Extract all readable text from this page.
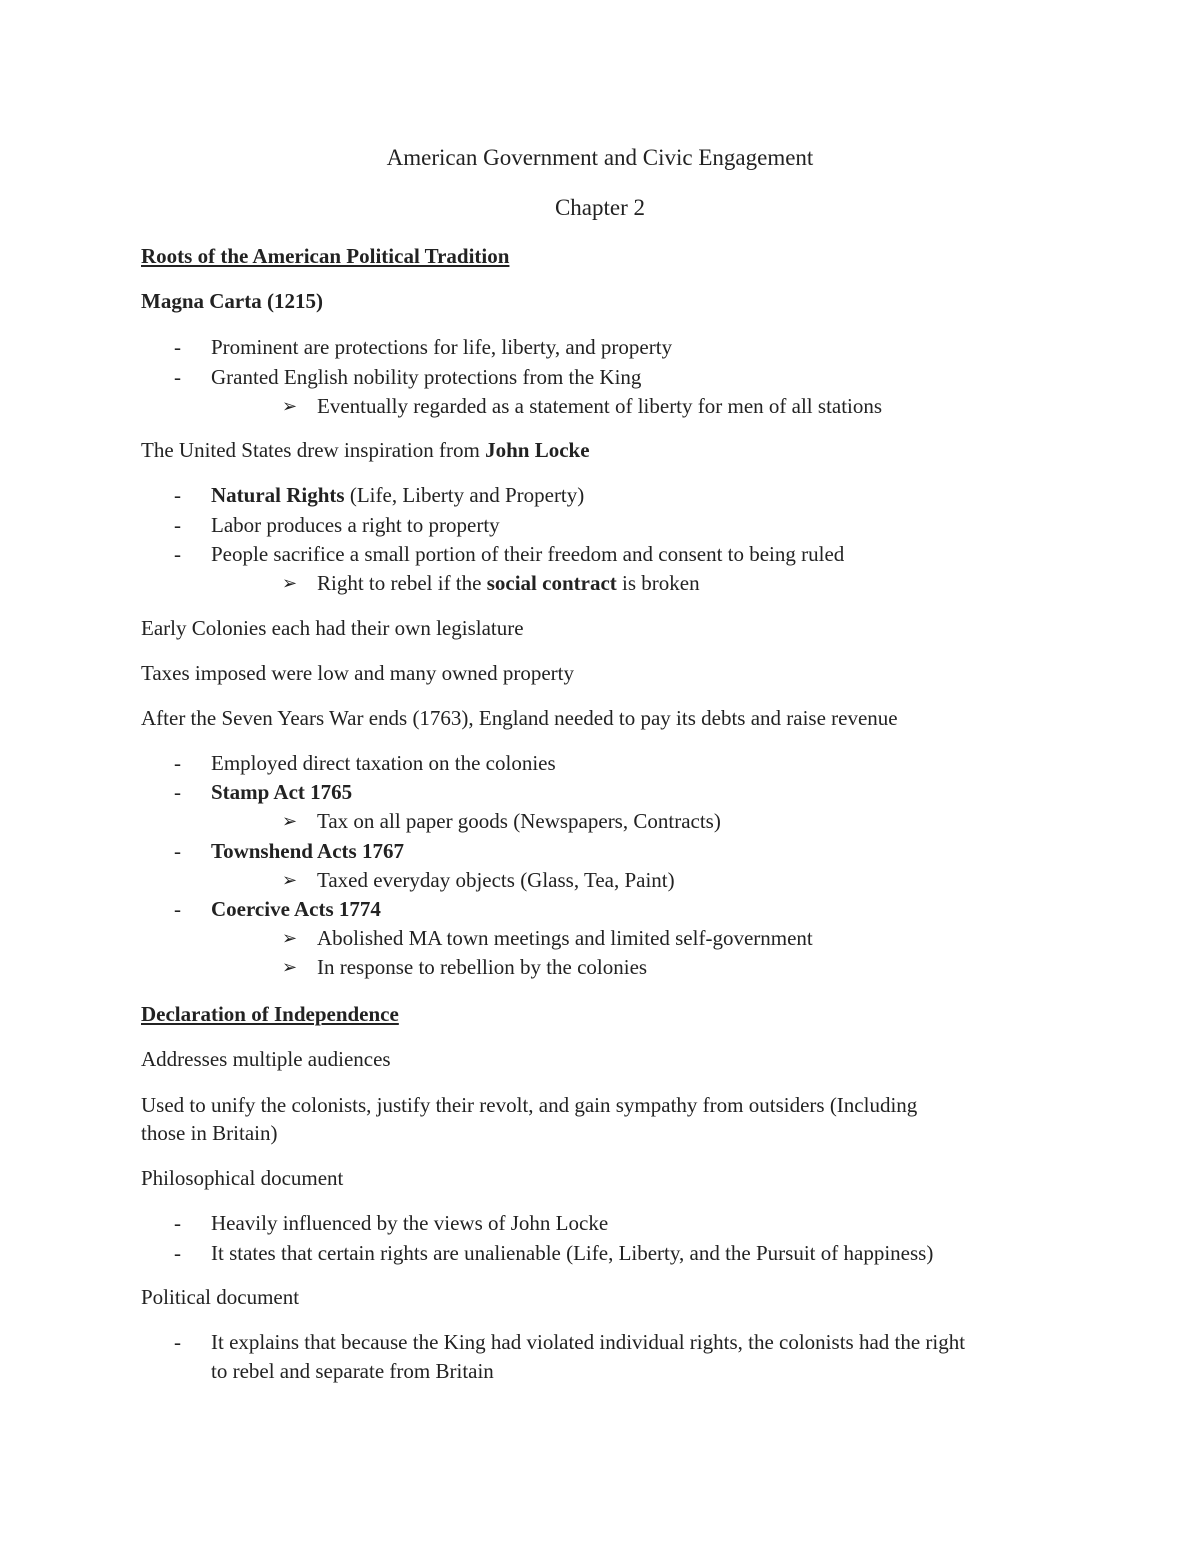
American Government and Civic Engagement
Chapter 2
Roots of the American Political Tradition
Magna Carta (1215)
- Prominent are protections for life, liberty, and property
- Granted English nobility protections from the King
➢ Eventually regarded as a statement of liberty for men of all stations
The United States drew inspiration from John Locke
- Natural Rights (Life, Liberty and Property)
- Labor produces a right to property
- People sacrifice a small portion of their freedom and consent to being ruled
➢ Right to rebel if the social contract is broken
Early Colonies each had their own legislature
Taxes imposed were low and many owned property
After the Seven Years War ends (1763), England needed to pay its debts and raise revenue
- Employed direct taxation on the colonies
- Stamp Act 1765
➢ Tax on all paper goods (Newspapers, Contracts)
- Townshend Acts 1767
➢ Taxed everyday objects (Glass, Tea, Paint)
- Coercive Acts 1774
➢ Abolished MA town meetings and limited self-government
➢ In response to rebellion by the colonies
Declaration of Independence
Addresses multiple audiences
Used to unify the colonists, justify their revolt, and gain sympathy from outsiders (Including
those in Britain)
Philosophical document
- Heavily influenced by the views of John Locke
- It states that certain rights are unalienable (Life, Liberty, and the Pursuit of happiness)
Political document
- It explains that because the King had violated individual rights, the colonists had the right
to rebel and separate from Britain
